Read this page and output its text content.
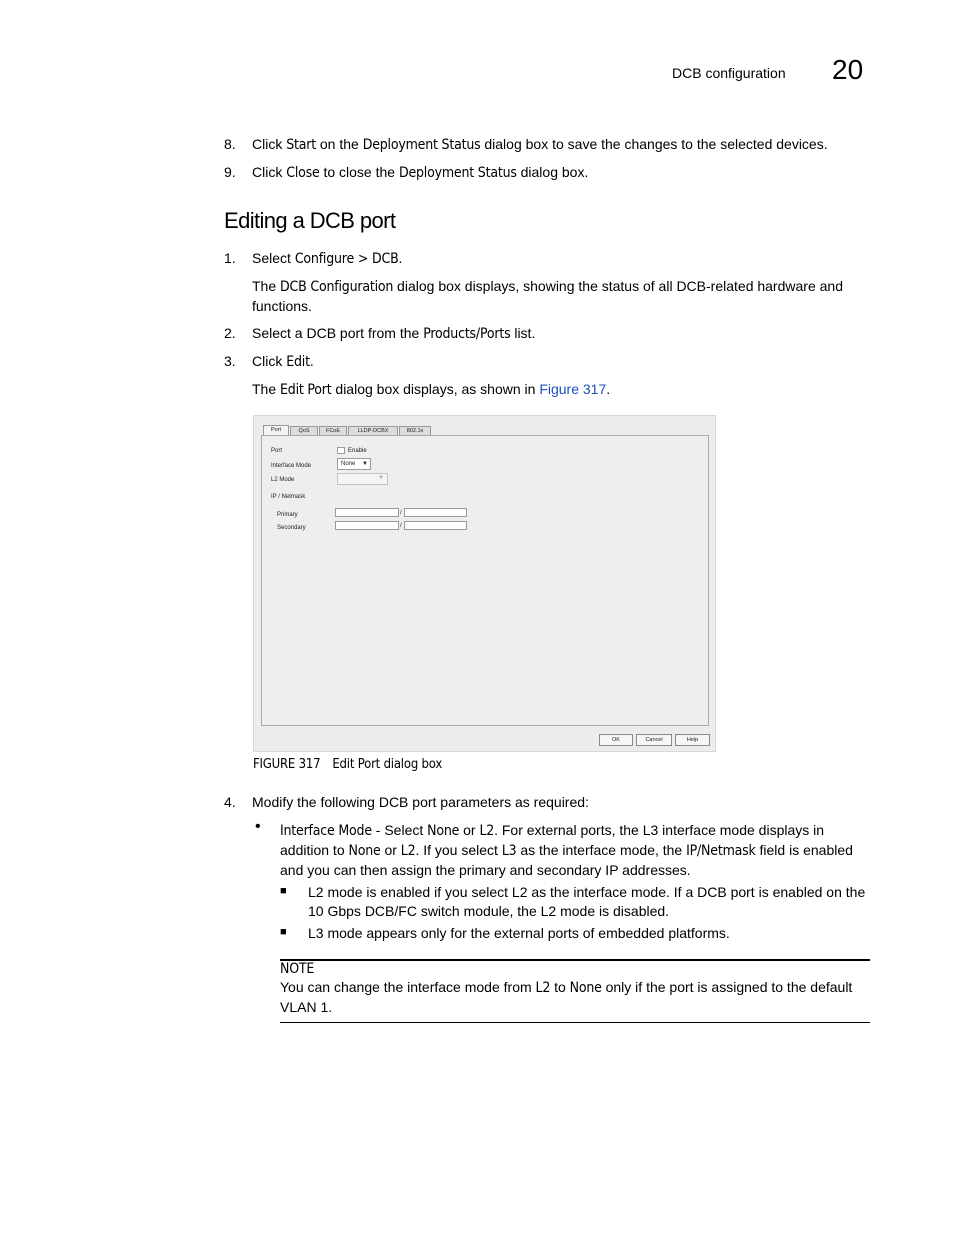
DCB configuration 20
8.	Click Start on the Deployment Status dialog box to save the changes to the selected devices.
9.	Click Close to close the Deployment Status dialog box.
Editing a DCB port
1.	Select Configure > DCB.
The DCB Configuration dialog box displays, showing the status of all DCB-related hardware and functions.
2.	Select a DCB port from the Products/Ports list.
3.	Click Edit.
The Edit Port dialog box displays, as shown in Figure 317.
Port	QoS	FCoE	LLDP-DCBX	802.1x
Port	Enable
Interface Mode	None ▼
L2 Mode	▼
IP / Netmask
Primary	/
Secondary	/
OK	Cancel	Help
FIGURE 317 Edit Port dialog box
4.	Modify the following DCB port parameters as required:
• Interface Mode - Select None or L2. For external ports, the L3 interface mode displays in addition to None or L2. If you select L3 as the interface mode, the IP/Netmask field is enabled and you can then assign the primary and secondary IP addresses.
■ L2 mode is enabled if you select L2 as the interface mode. If a DCB port is enabled on the 10 Gbps DCB/FC switch module, the L2 mode is disabled.
■ L3 mode appears only for the external ports of embedded platforms.
NOTE
You can change the interface mode from L2 to None only if the port is assigned to the default VLAN 1.
